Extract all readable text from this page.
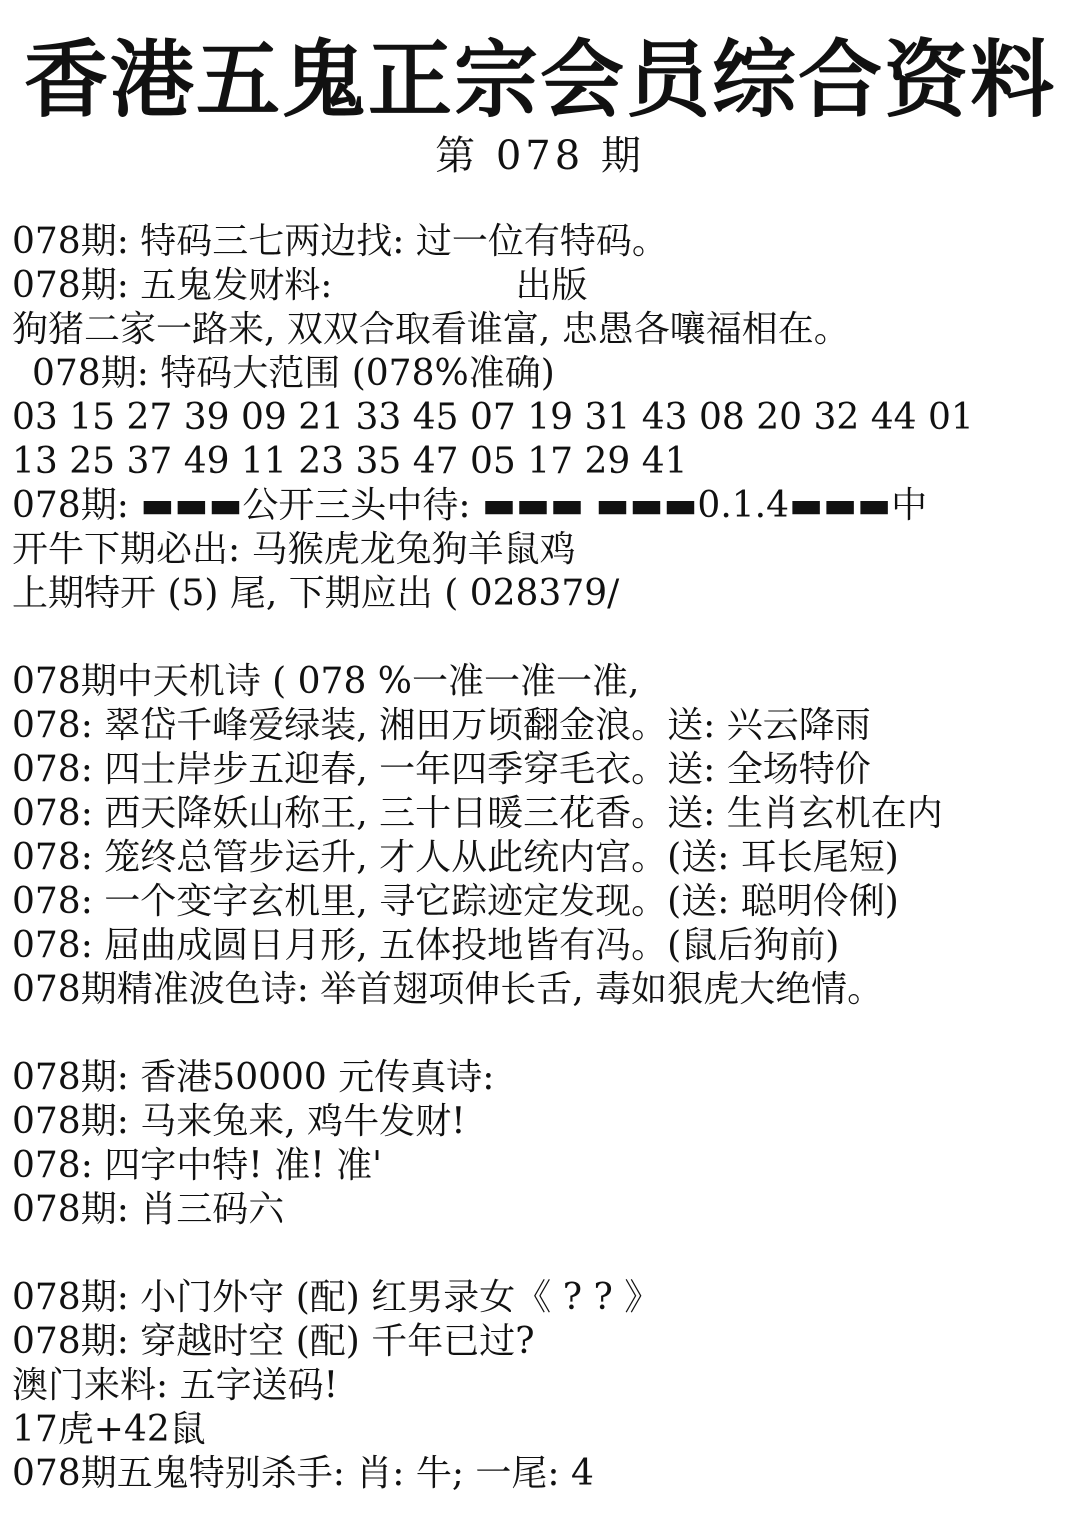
香港五鬼正宗会员综合资料
第 078 期
078期: 特码三七两边找: 过一位有特码。
078期: 五鬼发财料:                出版
狗猪二家一路来, 双双合取看谁富, 忠愚各嚷福相在。
078期: 特码大范围 (078%准确)
03 15 27 39 09 21 33 45 07 19 31 43 08 20 32 44 01
13 25 37 49 11 23 35 47 05 17 29 41
078期: ▬▬▬公开三头中待: ▬▬▬ ▬▬▬0.1.4▬▬▬中
开牛下期必出: 马猴虎龙兔狗羊鼠鸡
上期特开 (5) 尾, 下期应出 ( 028379/
078期中天机诗 ( 078 %一准一准一准,
078: 翠岱千峰爱绿装, 湘田万顷翻金浪。送: 兴云降雨
078: 四士岸步五迎春, 一年四季穿毛衣。送: 全场特价
078: 西天降妖山称王, 三十日暖三花香。送: 生肖玄机在内
078: 笼终总管步运升, 才人从此统内宫。(送: 耳长尾短)
078: 一个变字玄机里, 寻它踪迹定发现。(送: 聪明伶俐)
078: 屈曲成圆日月形, 五体投地皆有冯。(鼠后狗前)
078期精准波色诗: 举首翅项伸长舌, 毒如狠虎大绝情。
078期: 香港50000 元传真诗:
078期: 马来兔来, 鸡牛发财!
078: 四字中特! 准! 准'
078期: 肖三码六
078期: 小门外守 (配) 红男录女《 ? ? 》
078期: 穿越时空 (配) 千年已过?
澳门来料: 五字送码!
17虎+42鼠
078期五鬼特别杀手: 肖: 牛; 一尾: 4
